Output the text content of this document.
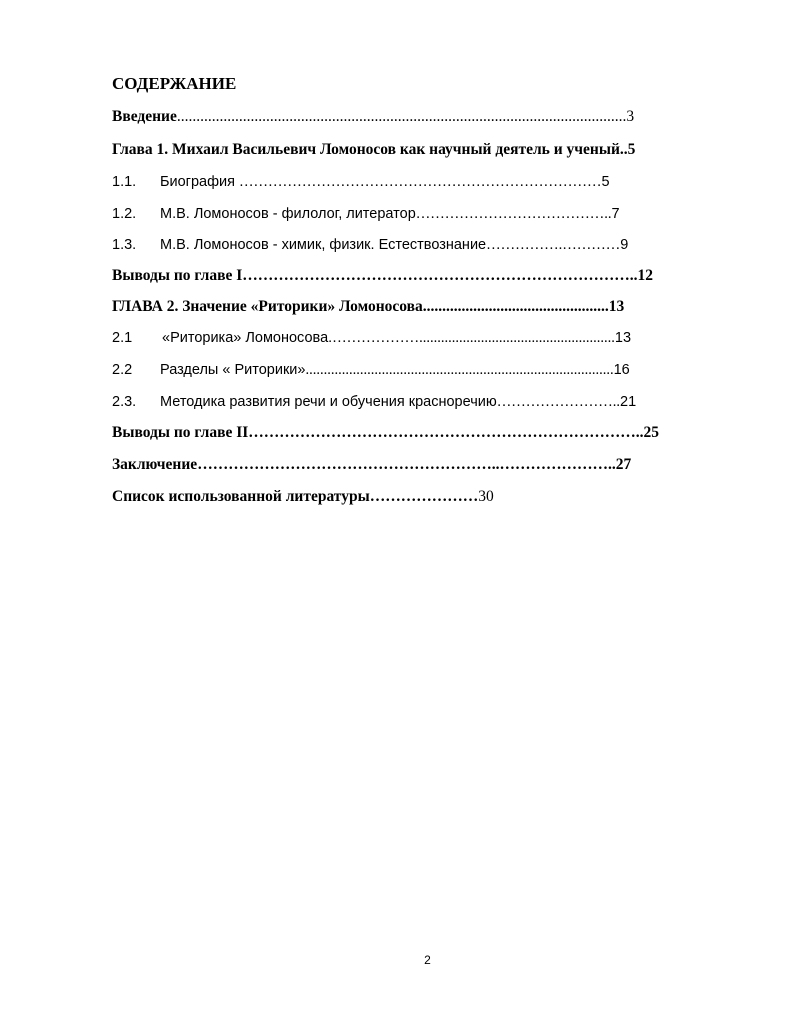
СОДЕРЖАНИЕ
Введение....................................................................................................................3
Глава 1. Михаил Васильевич Ломоносов как научный деятель и ученый..5
1.1. Биография …………………………………………………………………5
1.2. М.В. Ломоносов - филолог, литератор…………………………………..7
1.3. М.В. Ломоносов - химик, физик. Естествознание…………….…………9
Выводы по главе I…………………………………………………………………..12
ГЛАВА 2. Значение «Риторики» Ломоносова................................................13
2.1 «Риторика» Ломоносова.………………......................................................13
2.2 Разделы « Риторики».....................................................................................16
2.3. Методика развития речи и обучения красноречию……………………..21
Выводы по главе II…………………………………………………………………..25
Заключение…………………………………………………..…………………..27
Список использованной литературы…………………30
2
